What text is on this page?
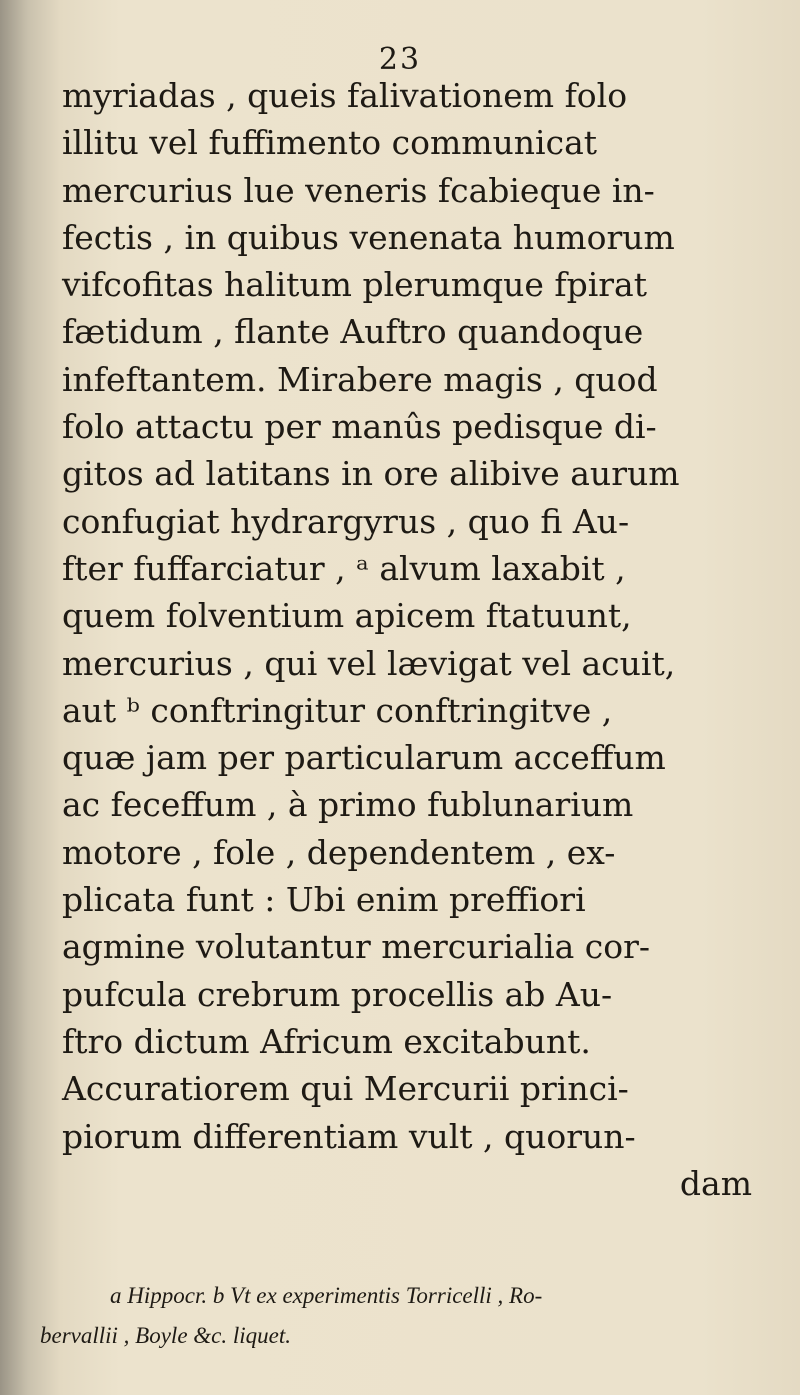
23
myriadas , queis falivationem folo
illitu vel fuffimento communicat
mercurius lue veneris fcabieque in-
fectis , in quibus venenata humorum
vifcofitas halitum plerumque fpirat
fætidum , flante Auftro quandoque
infeftantem. Mirabere magis , quod
folo attactu per manûs pedisque di-
gitos ad latitans in ore alibive aurum
confugiat hydrargyrus , quo fi Au-
fter fuffarciatur , ᵃ alvum laxabit ,
quem folventium apicem ftatuunt,
mercurius , qui vel lævigat vel acuit,
aut ᵇ conftringitur conftringitve ,
quæ jam per particularum acceffum
ac feceffum , à primo fublunarium
motore , fole , dependentem , ex-
plicata funt : Ubi enim preffiori
agmine volutantur mercurialia cor-
pufcula crebrum procellis ab Au-
ftro dictum Africum excitabunt.
Accuratiorem qui Mercurii princi-
piorum differentiam vult , quorun-
dam
a Hippocr. b Vt ex experimentis Torricelli , Ro-
bervallii , Boyle &c. liquet.
